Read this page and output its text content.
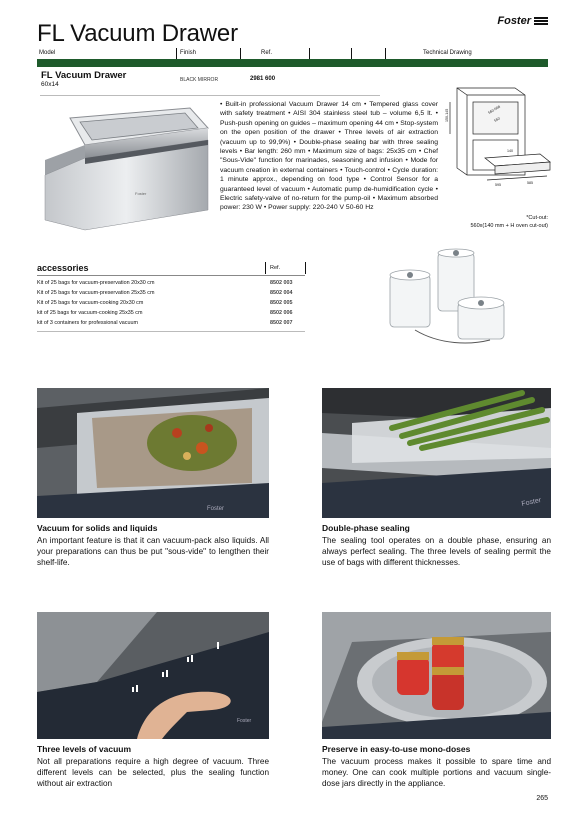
FL Vacuum Drawer	Foster
Model	Finish	Ref.	Technical Drawing
FL Vacuum Drawer
60x14
BLACK MIRROR	2981 600
Foster

• Built-in professional Vacuum Drawer 14 cm • Tempered glass cover with safety treatment • AISI 304 stainless steel tub – volume 6,5 lt. • Push-push opening on guides – maximum opening 44 cm • Stop-system on the open position of the drawer • Three levels of air extraction (vacuum up to 99,9%) • Double-phase sealing bar with three sealing levels • Bar length: 260 mm • Maximum size of bags: 25x35 cm • Chef "Sous-Vide" function for marinades, seasoning and infusion • Mode for vacuum creation in external containers • Touch-control • Cycle duration: 1 minute approx., depending on food type • Control Sensor for a guaranteed level of vacuum • Automatic pump de-humidification cycle • Electric safety-valve of no-return for the pump-oil • Maximum absorbed power: 230 W • Power supply: 220-240 V 50-60 Hz

150-145	560-568
550
140
595	585
*Cut-out:
560x(140 mm + H oven cut-out)
accessories	Ref.
Kit of 25 bags for vacuum-preservation 20x30 cm	8502 003
Kit of 25 bags for vacuum-preservation 25x35 cm	8502 004
Kit of 25 bags for vacuum-cooking 20x30 cm	8502 005
kit of 25 bags for vacuum-cooking 25x35 cm	8502 006
kit of 3 containers for professional vacuum	8502 007
Foster
Foster
Foster
Vacuum for solids and liquids

An important feature is that it can vacuum-pack also liquids. All your preparations can thus be put "sous-vide" to lengthen their shelf-life.

Double-phase sealing

The sealing tool operates on a double phase, ensuring an always perfect sealing. The three levels of sealing permit the use of bags with different thicknesses.

Three levels of vacuum

Not all preparations require a high degree of vacuum. Three different levels can be selected, plus the sealing function without air extraction

Preserve in easy-to-use mono-doses

The vacuum process makes it possible to spare time and money. One can cook multiple portions and vacuum single-dose jars directly in the appliance.

265
